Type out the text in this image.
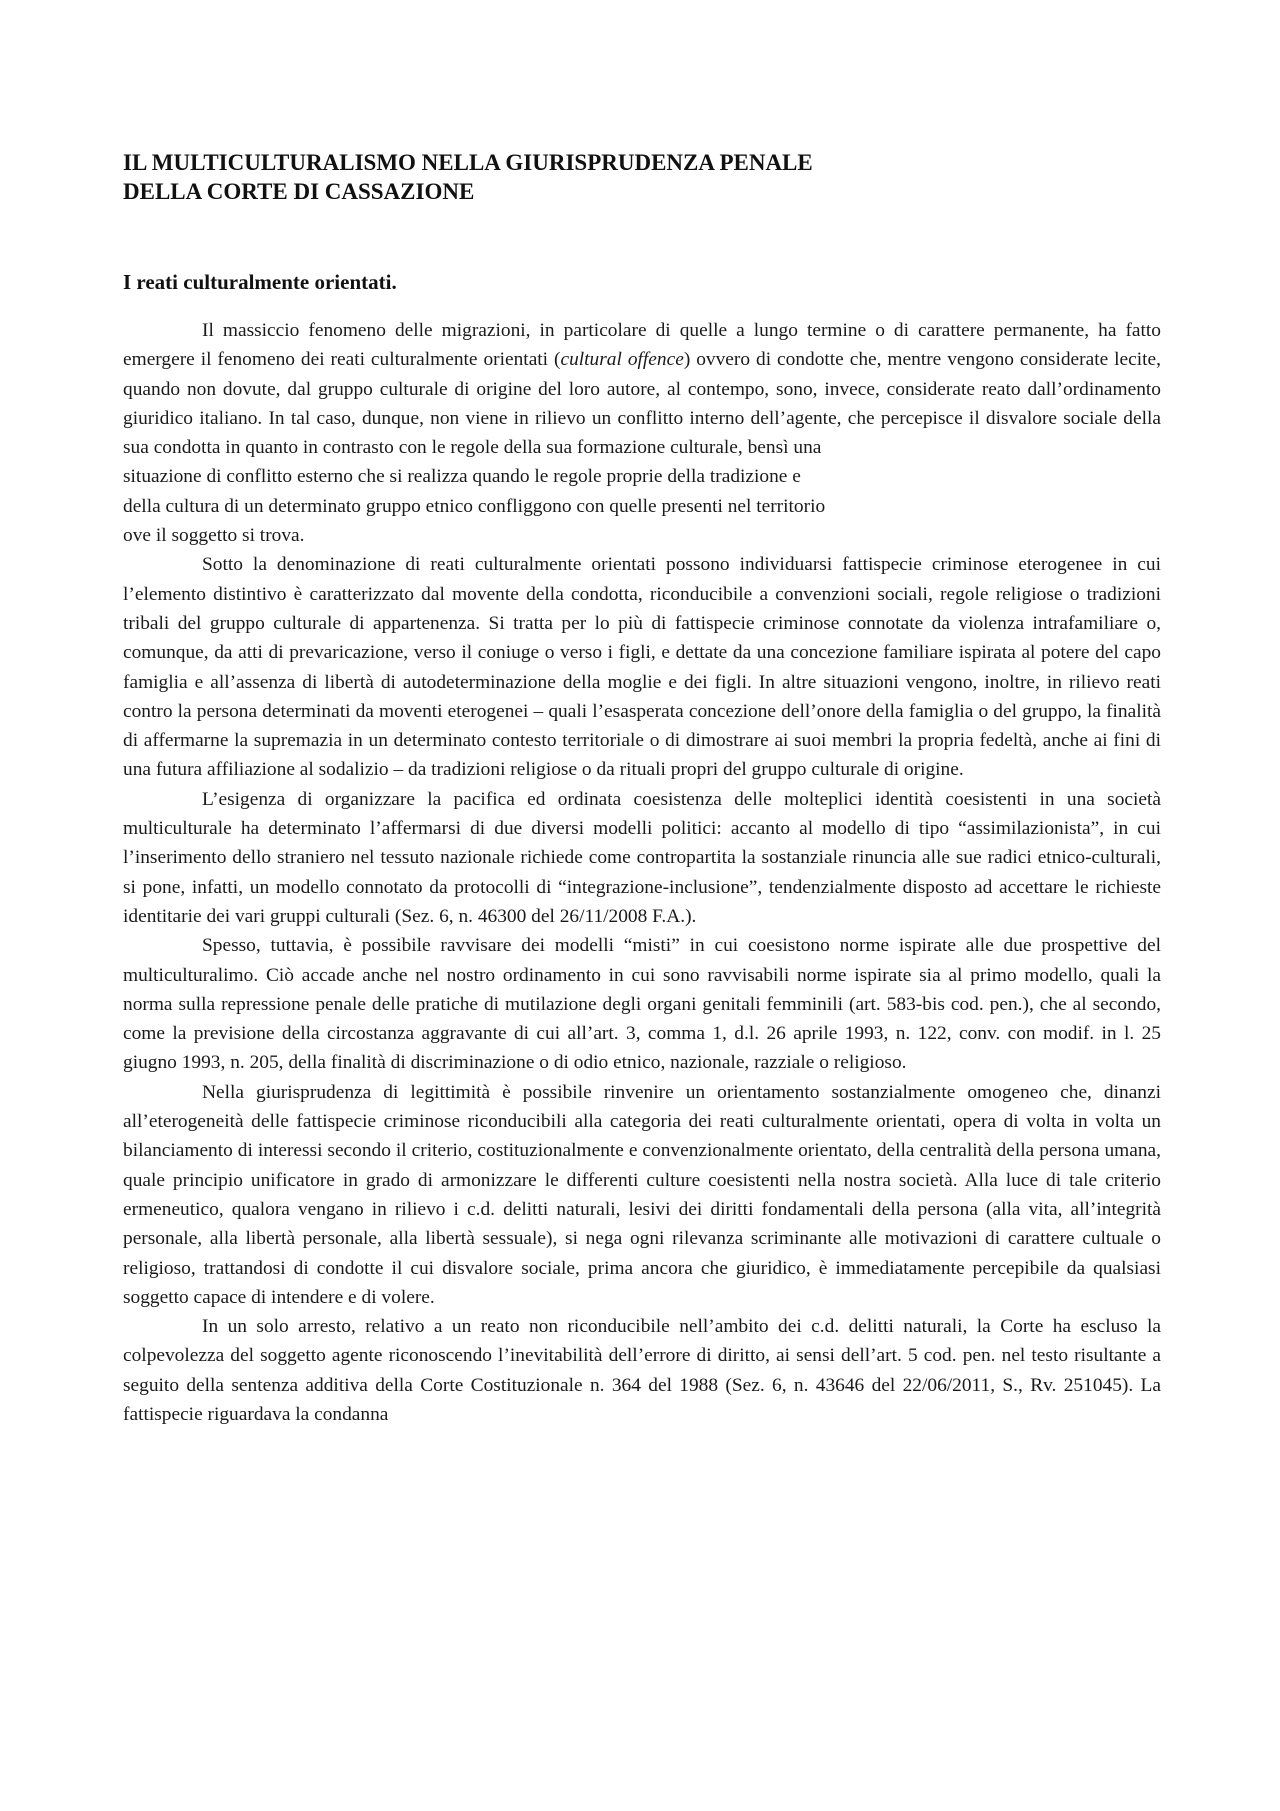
IL MULTICULTURALISMO NELLA GIURISPRUDENZA PENALE
DELLA CORTE DI CASSAZIONE
I reati culturalmente orientati.

Il massiccio fenomeno delle migrazioni, in particolare di quelle a lungo termine o di carattere permanente, ha fatto emergere il fenomeno dei reati culturalmente orientati (cultural offence) ovvero di condotte che, mentre vengono considerate lecite, quando non dovute, dal gruppo culturale di origine del loro autore, al contempo, sono, invece, considerate reato dall’ordinamento giuridico italiano. In tal caso, dunque, non viene in rilievo un conflitto interno dell’agente, che percepisce il disvalore sociale della sua condotta in quanto in contrasto con le regole della sua formazione culturale, bensì una
situazione di conflitto esterno che si realizza quando le regole proprie della tradizione e
della cultura di un determinato gruppo etnico confliggono con quelle presenti nel territorio
ove il soggetto si trova.

Sotto la denominazione di reati culturalmente orientati possono individuarsi fattispecie criminose eterogenee in cui l’elemento distintivo è caratterizzato dal movente della condotta, riconducibile a convenzioni sociali, regole religiose o tradizioni tribali del gruppo culturale di appartenenza. Si tratta per lo più di fattispecie criminose connotate da violenza intrafamiliare o, comunque, da atti di prevaricazione, verso il coniuge o verso i figli, e dettate da una concezione familiare ispirata al potere del capo famiglia e all’assenza di libertà di autodeterminazione della moglie e dei figli. In altre situazioni vengono, inoltre, in rilievo reati contro la persona determinati da moventi eterogenei – quali l’esasperata concezione dell’onore della famiglia o del gruppo, la finalità di affermarne la supremazia in un determinato contesto territoriale o di dimostrare ai suoi membri la propria fedeltà, anche ai fini di una futura affiliazione al sodalizio – da tradizioni religiose o da rituali propri del gruppo culturale di origine.

L’esigenza di organizzare la pacifica ed ordinata coesistenza delle molteplici identità coesistenti in una società multiculturale ha determinato l’affermarsi di due diversi modelli politici: accanto al modello di tipo “assimilazionista”, in cui l’inserimento dello straniero nel tessuto nazionale richiede come contropartita la sostanziale rinuncia alle sue radici etnico-culturali, si pone, infatti, un modello connotato da protocolli di “integrazione-inclusione”, tendenzialmente disposto ad accettare le richieste identitarie dei vari gruppi culturali (Sez. 6, n. 46300 del 26/11/2008 F.A.).

Spesso, tuttavia, è possibile ravvisare dei modelli “misti” in cui coesistono norme ispirate alle due prospettive del multiculturalimo. Ciò accade anche nel nostro ordinamento in cui sono ravvisabili norme ispirate sia al primo modello, quali la norma sulla repressione penale delle pratiche di mutilazione degli organi genitali femminili (art. 583-bis cod. pen.), che al secondo, come la previsione della circostanza aggravante di cui all’art. 3, comma 1, d.l. 26 aprile 1993, n. 122, conv. con modif. in l. 25 giugno 1993, n. 205, della finalità di discriminazione o di odio etnico, nazionale, razziale o religioso.

Nella giurisprudenza di legittimità è possibile rinvenire un orientamento sostanzialmente omogeneo che, dinanzi all’eterogeneità delle fattispecie criminose riconducibili alla categoria dei reati culturalmente orientati, opera di volta in volta un bilanciamento di interessi secondo il criterio, costituzionalmente e convenzionalmente orientato, della centralità della persona umana, quale principio unificatore in grado di armonizzare le differenti culture coesistenti nella nostra società. Alla luce di tale criterio ermeneutico, qualora vengano in rilievo i c.d. delitti naturali, lesivi dei diritti fondamentali della persona (alla vita, all’integrità personale, alla libertà personale, alla libertà sessuale), si nega ogni rilevanza scriminante alle motivazioni di carattere cultuale o religioso, trattandosi di condotte il cui disvalore sociale, prima ancora che giuridico, è immediatamente percepibile da qualsiasi soggetto capace di intendere e di volere.

In un solo arresto, relativo a un reato non riconducibile nell’ambito dei c.d. delitti naturali, la Corte ha escluso la colpevolezza del soggetto agente riconoscendo l’inevitabilità dell’errore di diritto, ai sensi dell’art. 5 cod. pen. nel testo risultante a seguito della sentenza additiva della Corte Costituzionale n. 364 del 1988 (Sez. 6, n. 43646 del 22/06/2011, S., Rv. 251045). La fattispecie riguardava la condanna
